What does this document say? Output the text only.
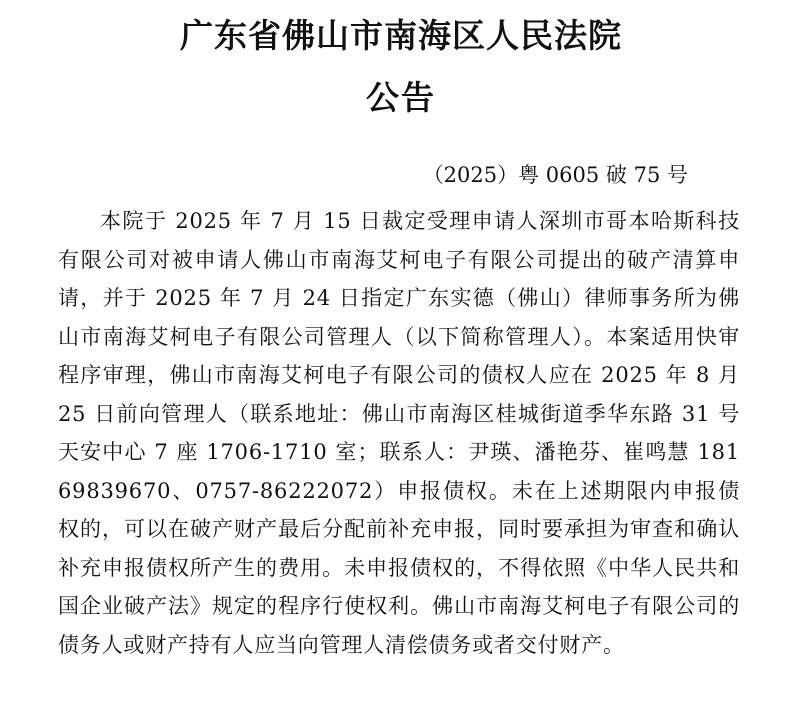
广东省佛山市南海区人民法院
公告
（2025）粤 0605 破 75 号

本院于 2025 年 7 月 15 日裁定受理申请人深圳市哥本哈斯科技有限公司对被申请人佛山市南海艾柯电子有限公司提出的破产清算申请，并于 2025 年 7 月 24 日指定广东实德（佛山）律师事务所为佛山市南海艾柯电子有限公司管理人（以下简称管理人）。本案适用快审程序审理，佛山市南海艾柯电子有限公司的债权人应在 2025 年 8 月 25 日前向管理人（联系地址：佛山市南海区桂城街道季华东路 31 号天安中心 7 座 1706-1710 室；联系人：尹瑛、潘艳芬、崔鸣慧 18169839670、0757-86222072）申报债权。未在上述期限内申报债权的，可以在破产财产最后分配前补充申报，同时要承担为审查和确认补充申报债权所产生的费用。未申报债权的，不得依照《中华人民共和国企业破产法》规定的程序行使权利。佛山市南海艾柯电子有限公司的债务人或财产持有人应当向管理人清偿债务或者交付财产。
